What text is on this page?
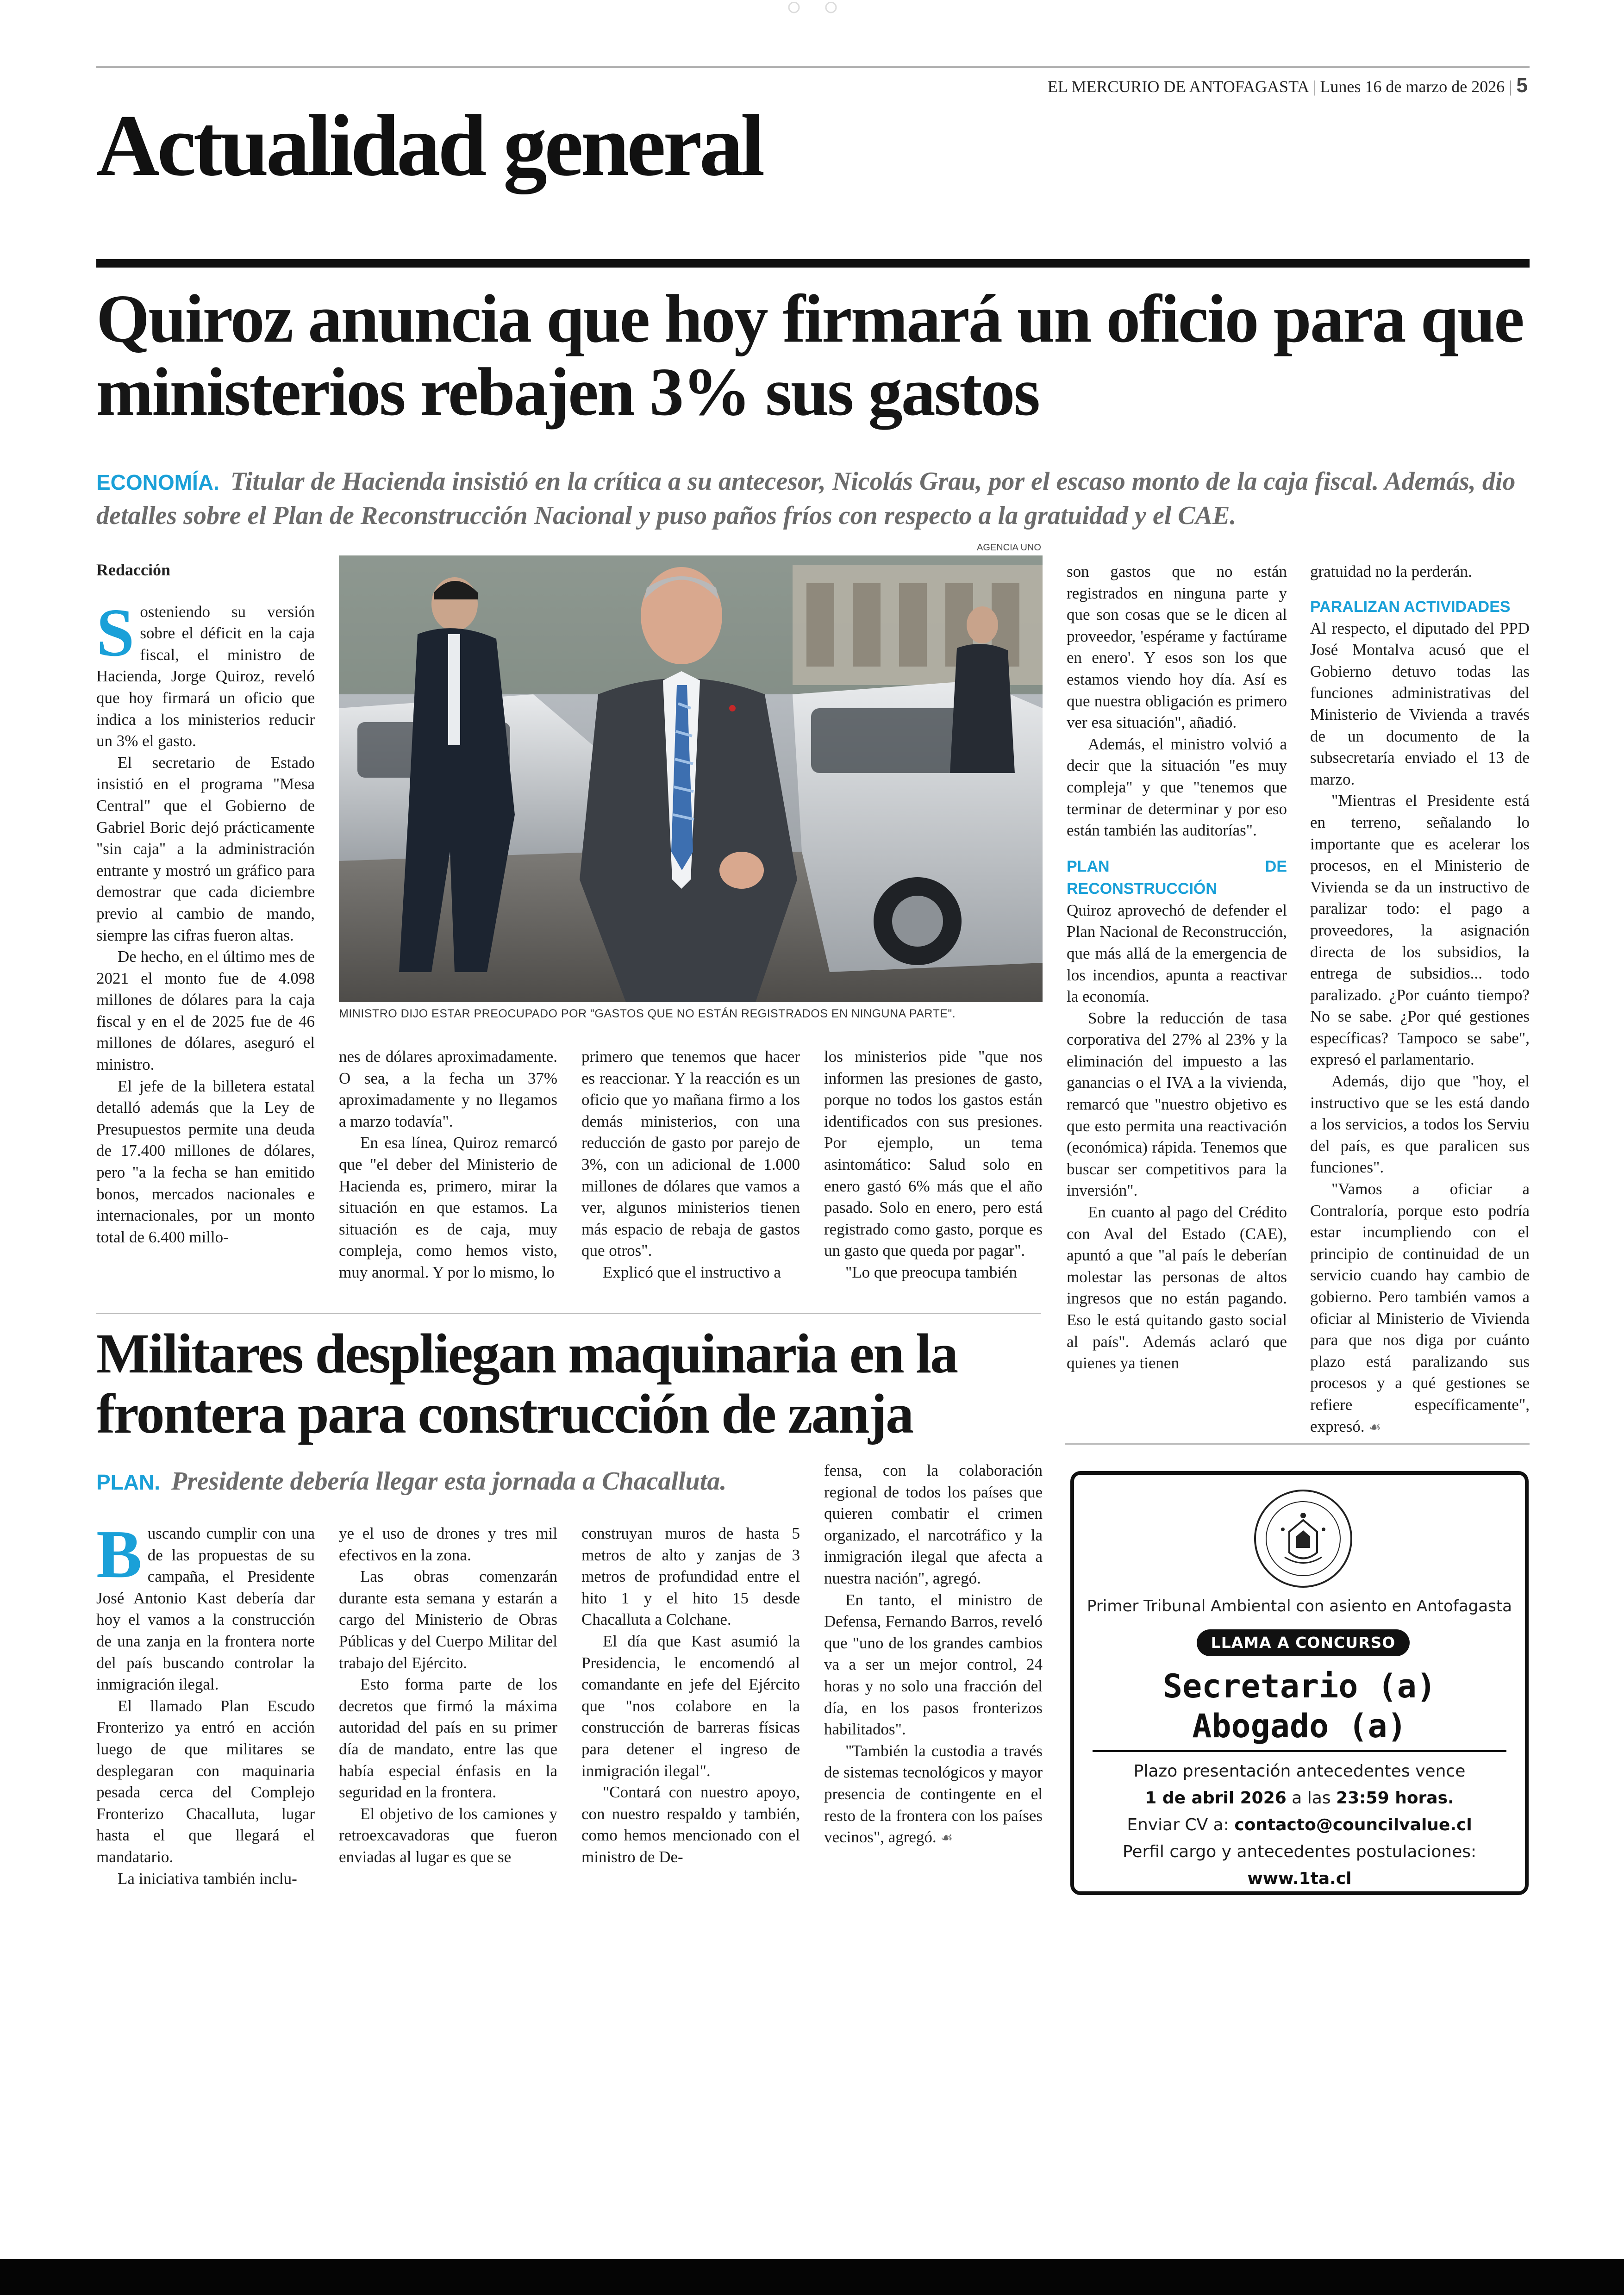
EL MERCURIO DE ANTOFAGASTA | Lunes 16 de marzo de 2026 | 5
Actualidad general
Quiroz anuncia que hoy firmará un oficio para que ministerios rebajen 3% sus gastos
ECONOMÍA. Titular de Hacienda insistió en la crítica a su antecesor, Nicolás Grau, por el escaso monto de la caja fiscal. Además, dio detalles sobre el Plan de Reconstrucción Nacional y puso paños fríos con respecto a la gratuidad y el CAE.
Redacción

Sosteniendo su versión sobre el déficit en la caja fiscal, el ministro de Hacienda, Jorge Quiroz, reveló que hoy firmará un oficio que indica a los ministerios reducir un 3% el gasto.

El secretario de Estado insistió en el programa "Mesa Central" que el Gobierno de Gabriel Boric dejó prácticamente "sin caja" a la administración entrante y mostró un gráfico para demostrar que cada diciembre previo al cambio de mando, siempre las cifras fueron altas.

De hecho, en el último mes de 2021 el monto fue de 4.098 millones de dólares para la caja fiscal y en el de 2025 fue de 46 millones de dólares, aseguró el ministro.

El jefe de la billetera estatal detalló además que la Ley de Presupuestos permite una deuda de 17.400 millones de dólares, pero "a la fecha se han emitido bonos, mercados nacionales e internacionales, por un monto total de 6.400 millo-

AGENCIA UNO
MINISTRO DIJO ESTAR PREOCUPADO POR "GASTOS QUE NO ESTÁN REGISTRADOS EN NINGUNA PARTE".

nes de dólares aproximadamente. O sea, a la fecha un 37% aproximadamente y no llegamos a marzo todavía".

En esa línea, Quiroz remarcó que "el deber del Ministerio de Hacienda es, primero, mirar la situación en que estamos. La situación es de caja, muy compleja, como hemos visto, muy anormal. Y por lo mismo, lo

primero que tenemos que hacer es reaccionar. Y la reacción es un oficio que yo mañana firmo a los demás ministerios, con una reducción de gasto por parejo de 3%, con un adicional de 1.000 millones de dólares que vamos a ver, algunos ministerios tienen más espacio de rebaja de gastos que otros".

Explicó que el instructivo a

los ministerios pide "que nos informen las presiones de gasto, porque no todos los gastos están identificados con sus presiones. Por ejemplo, un tema asintomático: Salud solo en enero gastó 6% más que el año pasado. Solo en enero, pero está registrado como gasto, porque es un gasto que queda por pagar".

"Lo que preocupa también

son gastos que no están registrados en ninguna parte y que son cosas que se le dicen al proveedor, 'espérame y factúrame en enero'. Y esos son los que estamos viendo hoy día. Así es que nuestra obligación es primero ver esa situación", añadió.

Además, el ministro volvió a decir que la situación "es muy compleja" y que "tenemos que terminar de determinar y por eso están también las auditorías".

PLAN DE RECONSTRUCCIÓN

Quiroz aprovechó de defender el Plan Nacional de Reconstrucción, que más allá de la emergencia de los incendios, apunta a reactivar la economía.

Sobre la reducción de tasa corporativa del 27% al 23% y la eliminación del impuesto a las ganancias o el IVA a la vivienda, remarcó que "nuestro objetivo es que esto permita una reactivación (económica) rápida. Tenemos que buscar ser competitivos para la inversión".

En cuanto al pago del Crédito con Aval del Estado (CAE), apuntó a que "al país le deberían molestar las personas de altos ingresos que no están pagando. Eso le está quitando gasto social al país". Además aclaró que quienes ya tienen

gratuidad no la perderán.

PARALIZAN ACTIVIDADES

Al respecto, el diputado del PPD José Montalva acusó que el Gobierno detuvo todas las funciones administrativas del Ministerio de Vivienda a través de un documento de la subsecretaría enviado el 13 de marzo.

"Mientras el Presidente está en terreno, señalando lo importante que es acelerar los procesos, en el Ministerio de Vivienda se da un instructivo de paralizar todo: el pago a proveedores, la asignación directa de los subsidios, la entrega de subsidios... todo paralizado. ¿Por cuánto tiempo? No se sabe. ¿Por qué gestiones específicas? Tampoco se sabe", expresó el parlamentario.

Además, dijo que "hoy, el instructivo que se les está dando a los servicios, a todos los Serviu del país, es que paralicen sus funciones".

"Vamos a oficiar a Contraloría, porque esto podría estar incumpliendo con el principio de continuidad de un servicio cuando hay cambio de gobierno. Pero también vamos a oficiar al Ministerio de Vivienda para que nos diga por cuánto plazo está paralizando sus procesos y a qué gestiones se refiere específicamente", expresó. ☙

Militares despliegan maquinaria en la frontera para construcción de zanja
PLAN. Presidente debería llegar esta jornada a Chacalluta.

Buscando cumplir con una de las propuestas de su campaña, el Presidente José Antonio Kast debería dar hoy el vamos a la construcción de una zanja en la frontera norte del país buscando controlar la inmigración ilegal.

El llamado Plan Escudo Fronterizo ya entró en acción luego de que militares se desplegaran con maquinaria pesada cerca del Complejo Fronterizo Chacalluta, lugar hasta el que llegará el mandatario.

La iniciativa también inclu-

ye el uso de drones y tres mil efectivos en la zona.

Las obras comenzarán durante esta semana y estarán a cargo del Ministerio de Obras Públicas y del Cuerpo Militar del trabajo del Ejército.

Esto forma parte de los decretos que firmó la máxima autoridad del país en su primer día de mandato, entre las que había especial énfasis en la seguridad en la frontera.

El objetivo de los camiones y retroexcavadoras que fueron enviadas al lugar es que se

construyan muros de hasta 5 metros de alto y zanjas de 3 metros de profundidad entre el hito 1 y el hito 15 desde Chacalluta a Colchane.

El día que Kast asumió la Presidencia, le encomendó al comandante en jefe del Ejército que "nos colabore en la construcción de barreras físicas para detener el ingreso de inmigración ilegal".

"Contará con nuestro apoyo, con nuestro respaldo y también, como hemos mencionado con el ministro de De-

fensa, con la colaboración regional de todos los países que quieren combatir el crimen organizado, el narcotráfico y la inmigración ilegal que afecta a nuestra nación", agregó.

En tanto, el ministro de Defensa, Fernando Barros, reveló que "uno de los grandes cambios va a ser un mejor control, 24 horas y no solo una fracción del día, en los pasos fronterizos habilitados".

"También la custodia a través de sistemas tecnológicos y mayor presencia de contingente en el resto de la frontera con los países vecinos", agregó. ☙

Primer Tribunal Ambiental con asiento en Antofagasta
LLAMA A CONCURSO
Secretario (a)
Abogado (a)
Plazo presentación antecedentes vence
1 de abril 2026 a las 23:59 horas.
Enviar CV a: contacto@councilvalue.cl
Perfil cargo y antecedentes postulaciones:
www.1ta.cl
